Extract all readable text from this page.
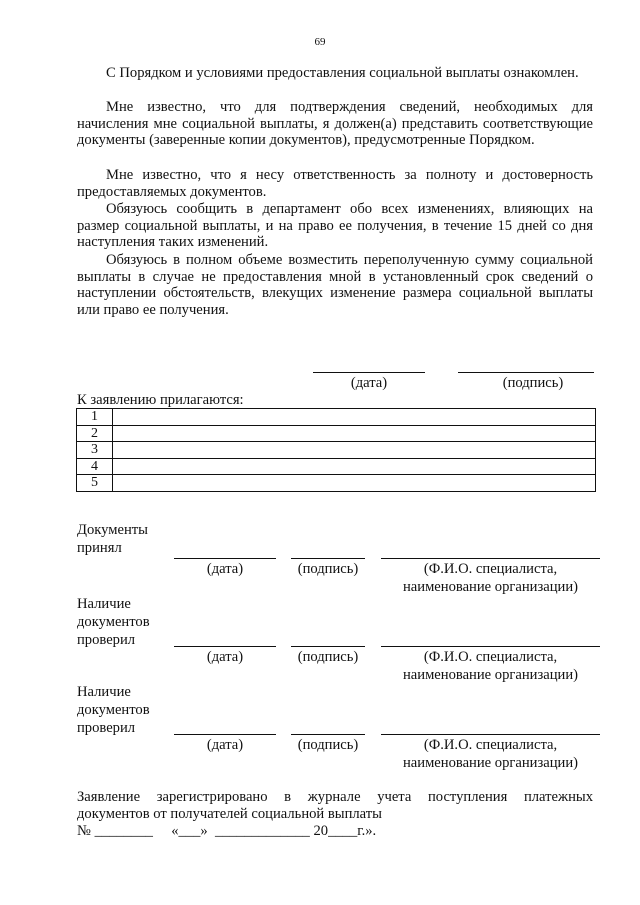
69
С Порядком и условиями предоставления социальной выплаты ознакомлен.
Мне известно, что для подтверждения сведений, необходимых для начисления мне социальной выплаты, я должен(а) представить соответствующие документы (заверенные копии документов), предусмотренные Порядком.
Мне известно, что я несу ответственность за полноту и достоверность предоставляемых документов.
Обязуюсь сообщить в департамент обо всех изменениях, влияющих на размер социальной выплаты, и на право ее получения, в течение 15 дней со дня наступления таких изменений.
Обязуюсь в полном объеме возместить переполученную сумму социальной выплаты в случае не предоставления мной в установленный срок сведений о наступлении обстоятельств, влекущих изменение размера социальной выплаты или право ее получения.
(дата)	(подпись)
К заявлению прилагаются:
1	
2	
3	
4	
5	
Документы
принял
(дата)	(подпись)	(Ф.И.О. специалиста,
наименование организации)
Наличие
документов
проверил
(дата)	(подпись)	(Ф.И.О. специалиста,
наименование организации)
Наличие
документов
проверил
(дата)	(подпись)	(Ф.И.О. специалиста,
наименование организации)
Заявление зарегистрировано в журнале учета поступления платежных
документов от получателей социальной выплаты
№ ________     «___»  _____________ 20____г.».
